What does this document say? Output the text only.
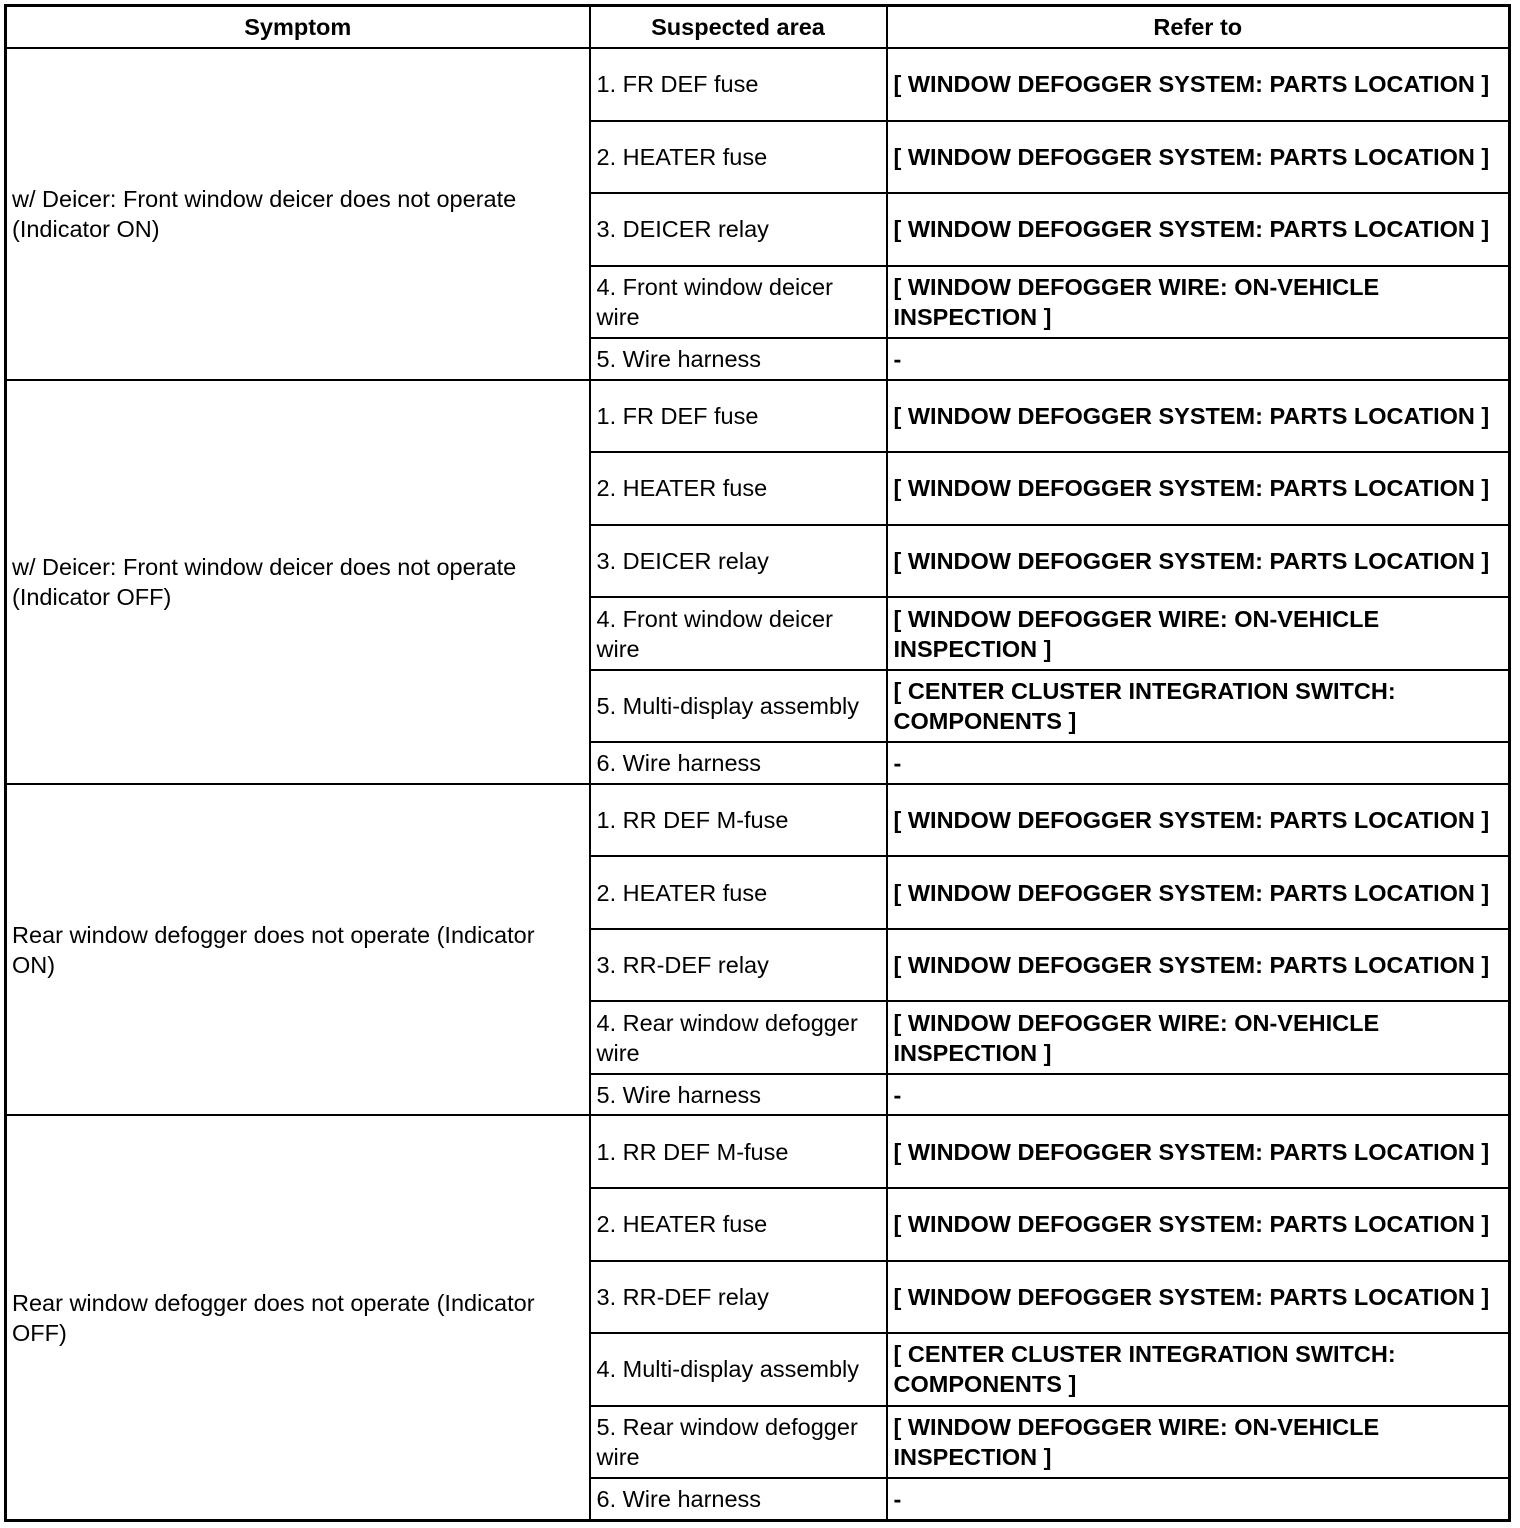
Symptom	Suspected area	Refer to
w/ Deicer: Front window deicer does not operate (Indicator ON)	1. FR DEF fuse	[ WINDOW DEFOGGER SYSTEM: PARTS LOCATION ]
	2. HEATER fuse	[ WINDOW DEFOGGER SYSTEM: PARTS LOCATION ]
	3. DEICER relay	[ WINDOW DEFOGGER SYSTEM: PARTS LOCATION ]
	4. Front window deicer wire	[ WINDOW DEFOGGER WIRE: ON-VEHICLE INSPECTION ]
	5. Wire harness	-
w/ Deicer: Front window deicer does not operate (Indicator OFF)	1. FR DEF fuse	[ WINDOW DEFOGGER SYSTEM: PARTS LOCATION ]
	2. HEATER fuse	[ WINDOW DEFOGGER SYSTEM: PARTS LOCATION ]
	3. DEICER relay	[ WINDOW DEFOGGER SYSTEM: PARTS LOCATION ]
	4. Front window deicer wire	[ WINDOW DEFOGGER WIRE: ON-VEHICLE INSPECTION ]
	5. Multi-display assembly	[ CENTER CLUSTER INTEGRATION SWITCH: COMPONENTS ]
	6. Wire harness	-
Rear window defogger does not operate (Indicator ON)	1. RR DEF M-fuse	[ WINDOW DEFOGGER SYSTEM: PARTS LOCATION ]
	2. HEATER fuse	[ WINDOW DEFOGGER SYSTEM: PARTS LOCATION ]
	3. RR-DEF relay	[ WINDOW DEFOGGER SYSTEM: PARTS LOCATION ]
	4. Rear window defogger wire	[ WINDOW DEFOGGER WIRE: ON-VEHICLE INSPECTION ]
	5. Wire harness	-
Rear window defogger does not operate (Indicator OFF)	1. RR DEF M-fuse	[ WINDOW DEFOGGER SYSTEM: PARTS LOCATION ]
	2. HEATER fuse	[ WINDOW DEFOGGER SYSTEM: PARTS LOCATION ]
	3. RR-DEF relay	[ WINDOW DEFOGGER SYSTEM: PARTS LOCATION ]
	4. Multi-display assembly	[ CENTER CLUSTER INTEGRATION SWITCH: COMPONENTS ]
	5. Rear window defogger wire	[ WINDOW DEFOGGER WIRE: ON-VEHICLE INSPECTION ]
	6. Wire harness	-
